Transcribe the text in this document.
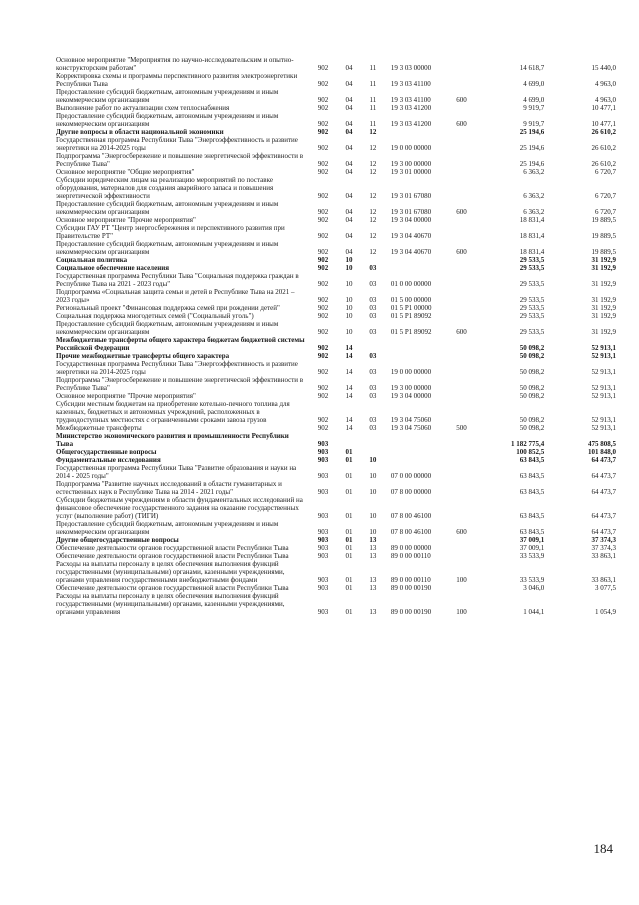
Основное мероприятие "Мероприятия по научно-исследовательским и опытно-конструкторским работам"	902	04	11	19 3 03 00000	14 618,7	15 440,0
Корректировка схемы и программы перспективного развития электроэнергетики Республики Тыва	902	04	11	19 3 03 41100	4 699,0	4 963,0
Предоставление субсидий бюджетным, автономным учреждениям и иным некоммерческим организациям	902	04	11	19 3 03 41100	600	4 699,0	4 963,0
Выполнение работ по актуализации схем теплоснабжения	902	04	11	19 3 03 41200	9 919,7	10 477,1
Предоставление субсидий бюджетным, автономным учреждениям и иным некоммерческим организациям	902	04	11	19 3 03 41200	600	9 919,7	10 477,1
Другие вопросы в области национальной экономики	902	04	12	25 194,6	26 610,2
Государственная программа Республики Тыва "Энергоэффективность и развитие энергетики на 2014-2025 годы	902	04	12	19 0 00 00000	25 194,6	26 610,2
Подпрограмма "Энергосбережение и повышение энергетической эффективности в Республике Тыва"	902	04	12	19 3 00 00000	25 194,6	26 610,2
Основное мероприятие "Общие мероприятия"	902	04	12	19 3 01 00000	6 363,2	6 720,7
Субсидии юридическим лицам на реализацию мероприятий по поставке оборудования, материалов для создания аварийного запаса и повышения энергетической эффективности	902	04	12	19 3 01 67080	6 363,2	6 720,7
Предоставление субсидий бюджетным, автономным учреждениям и иным некоммерческим организациям	902	04	12	19 3 01 67080	600	6 363,2	6 720,7
Основное мероприятие "Прочие мероприятия"	902	04	12	19 3 04 00000	18 831,4	19 889,5
Субсидии ГАУ РТ "Центр энергосбережения и перспективного развития при Правительстве РТ"	902	04	12	19 3 04 40670	18 831,4	19 889,5
Предоставление субсидий бюджетным, автономным учреждениям и иным некоммерческим организациям	902	04	12	19 3 04 40670	600	18 831,4	19 889,5
Социальная политика	902	10	29 533,5	31 192,9
Социальное обеспечение населения	902	10	03	29 533,5	31 192,9
Государственная программа Республики Тыва "Социальная поддержка граждан в Республике Тыва на 2021 - 2023 годы"	902	10	03	01 0 00 00000	29 533,5	31 192,9
Подпрограмма «Социальная защита семьи и детей в Республике Тыва на 2021 – 2023 годы»	902	10	03	01 5 00 00000	29 533,5	31 192,9
Региональный проект "Финансовая поддержка семей при рождении детей"	902	10	03	01 5 P1 00000	29 533,5	31 192,9
Социальная поддержка многодетных семей ("Социальный уголь")	902	10	03	01 5 P1 89092	29 533,5	31 192,9
Предоставление субсидий бюджетным, автономным учреждениям и иным некоммерческим организациям	902	10	03	01 5 P1 89092	600	29 533,5	31 192,9
Межбюджетные трансферты общего характера бюджетам бюджетной системы Российской Федерации	902	14	50 098,2	52 913,1
Прочие межбюджетные трансферты общего характера	902	14	03	50 098,2	52 913,1
Государственная программа Республики Тыва "Энергоэффективность и развитие энергетики на 2014-2025 годы	902	14	03	19 0 00 00000	50 098,2	52 913,1
Подпрограмма "Энергосбережение и повышение энергетической эффективности в Республике Тыва"	902	14	03	19 3 00 00000	50 098,2	52 913,1
Основное мероприятие "Прочие мероприятия"	902	14	03	19 3 04 00000	50 098,2	52 913,1
Субсидии местным бюджетам на приобретение котельно-печного топлива для казенных, бюджетных и автономных учреждений, расположенных в труднодоступных местностях с ограниченными сроками завоза грузов	902	14	03	19 3 04 75060	50 098,2	52 913,1
Межбюджетные трансферты	902	14	03	19 3 04 75060	500	50 098,2	52 913,1
Министерство экономического развития и промышленности Республики Тыва	903	1 182 775,4	475 808,5
Общегосударственные вопросы	903	01	100 852,5	101 848,0
Фундаментальные исследования	903	01	10	63 843,5	64 473,7
Государственная программа Республики Тыва "Развитие образования и науки на 2014 - 2025 годы"	903	01	10	07 0 00 00000	63 843,5	64 473,7
Подпрограмма "Развитие научных исследований в области гуманитарных и естественных наук в Республике Тыва на 2014 - 2021 годы"	903	01	10	07 8 00 00000	63 843,5	64 473,7
Субсидии бюджетным учреждениям в области фундаментальных исследований на финансовое обеспечение государственного задания на оказание государственных услуг (выполнение работ) (ТИГИ)	903	01	10	07 8 00 46100	63 843,5	64 473,7
Предоставление субсидий бюджетным, автономным учреждениям и иным некоммерческим организациям	903	01	10	07 8 00 46100	600	63 843,5	64 473,7
Другие общегосударственные вопросы	903	01	13	37 009,1	37 374,3
Обеспечение деятельности органов государственной власти Республики Тыва	903	01	13	89 0 00 00000	37 009,1	37 374,3
Обеспечение деятельности органов государственной власти Республики Тыва	903	01	13	89 0 00 00110	33 533,9	33 863,1
Расходы на выплаты персоналу в целях обеспечения выполнения функций государственными (муниципальными) органами, казенными учреждениями, органами управления государственными внебюджетными фондами	903	01	13	89 0 00 00110	100	33 533,9	33 863,1
Обеспечение деятельности органов государственной власти Республики Тыва	903	01	13	89 0 00 00190	3 046,0	3 077,5
Расходы на выплаты персоналу в целях обеспечения выполнения функций государственными (муниципальными) органами, казенными учреждениями, органами управления	903	01	13	89 0 00 00190	100	1 044,1	1 054,9
184
